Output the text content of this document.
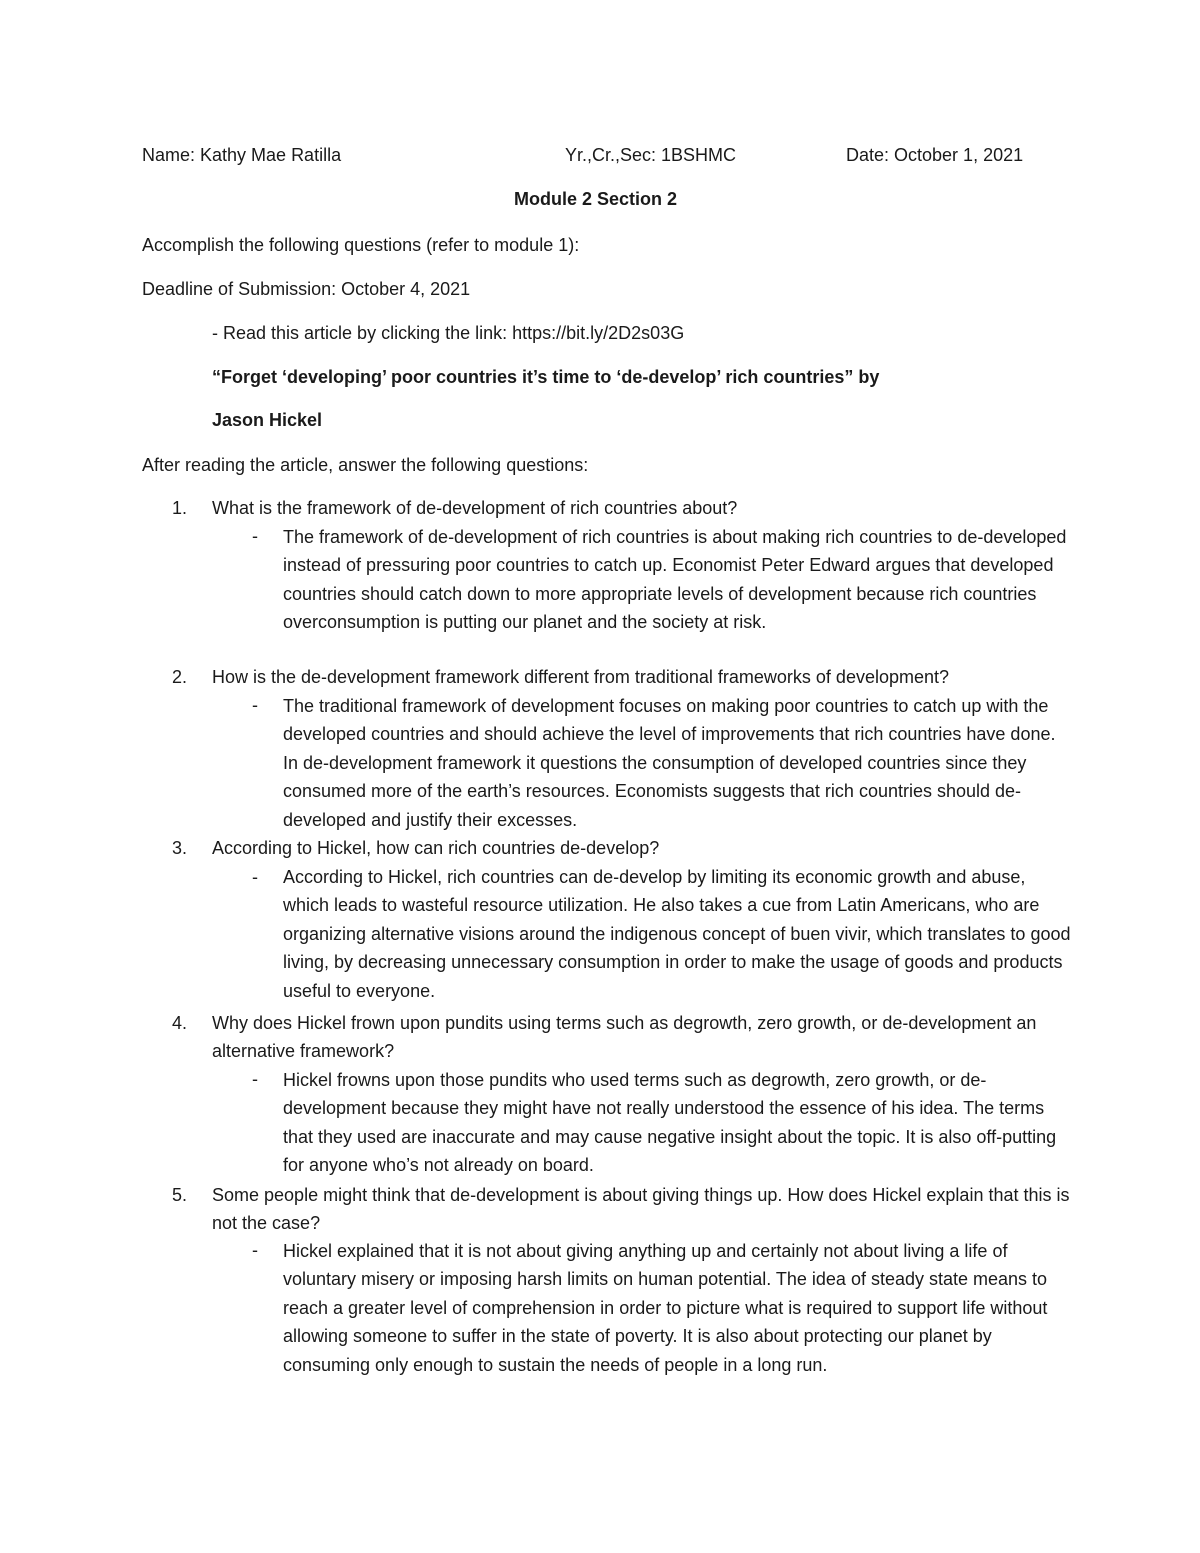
Name: Kathy Mae Ratilla	Yr.,Cr.,Sec: 1BSHMC	Date: October 1, 2021
Module 2 Section 2
Accomplish the following questions (refer to module 1):
Deadline of Submission: October 4, 2021
- Read this article by clicking the link: https://bit.ly/2D2s03G
“Forget ‘developing’ poor countries it’s time to ‘de-develop’ rich countries” by
Jason Hickel
After reading the article, answer the following questions:
1. What is the framework of de-development of rich countries about?
- The framework of de-development of rich countries is about making rich countries to de-developed instead of pressuring poor countries to catch up. Economist Peter Edward argues that developed countries should catch down to more appropriate levels of development because rich countries overconsumption is putting our planet and the society at risk.
2. How is the de-development framework different from traditional frameworks of development?
- The traditional framework of development focuses on making poor countries to catch up with the developed countries and should achieve the level of improvements that rich countries have done. In de-development framework it questions the consumption of developed countries since they consumed more of the earth’s resources. Economists suggests that rich countries should de-developed and justify their excesses.
3. According to Hickel, how can rich countries de-develop?
- According to Hickel, rich countries can de-develop by limiting its economic growth and abuse, which leads to wasteful resource utilization. He also takes a cue from Latin Americans, who are organizing alternative visions around the indigenous concept of buen vivir, which translates to good living, by decreasing unnecessary consumption in order to make the usage of goods and products useful to everyone.
4. Why does Hickel frown upon pundits using terms such as degrowth, zero growth, or de-development an alternative framework?
- Hickel frowns upon those pundits who used terms such as degrowth, zero growth, or de-development because they might have not really understood the essence of his idea. The terms that they used are inaccurate and may cause negative insight about the topic. It is also off-putting for anyone who’s not already on board.
5. Some people might think that de-development is about giving things up. How does Hickel explain that this is not the case?
- Hickel explained that it is not about giving anything up and certainly not about living a life of voluntary misery or imposing harsh limits on human potential. The idea of steady state means to reach a greater level of comprehension in order to picture what is required to support life without allowing someone to suffer in the state of poverty. It is also about protecting our planet by consuming only enough to sustain the needs of people in a long run.
